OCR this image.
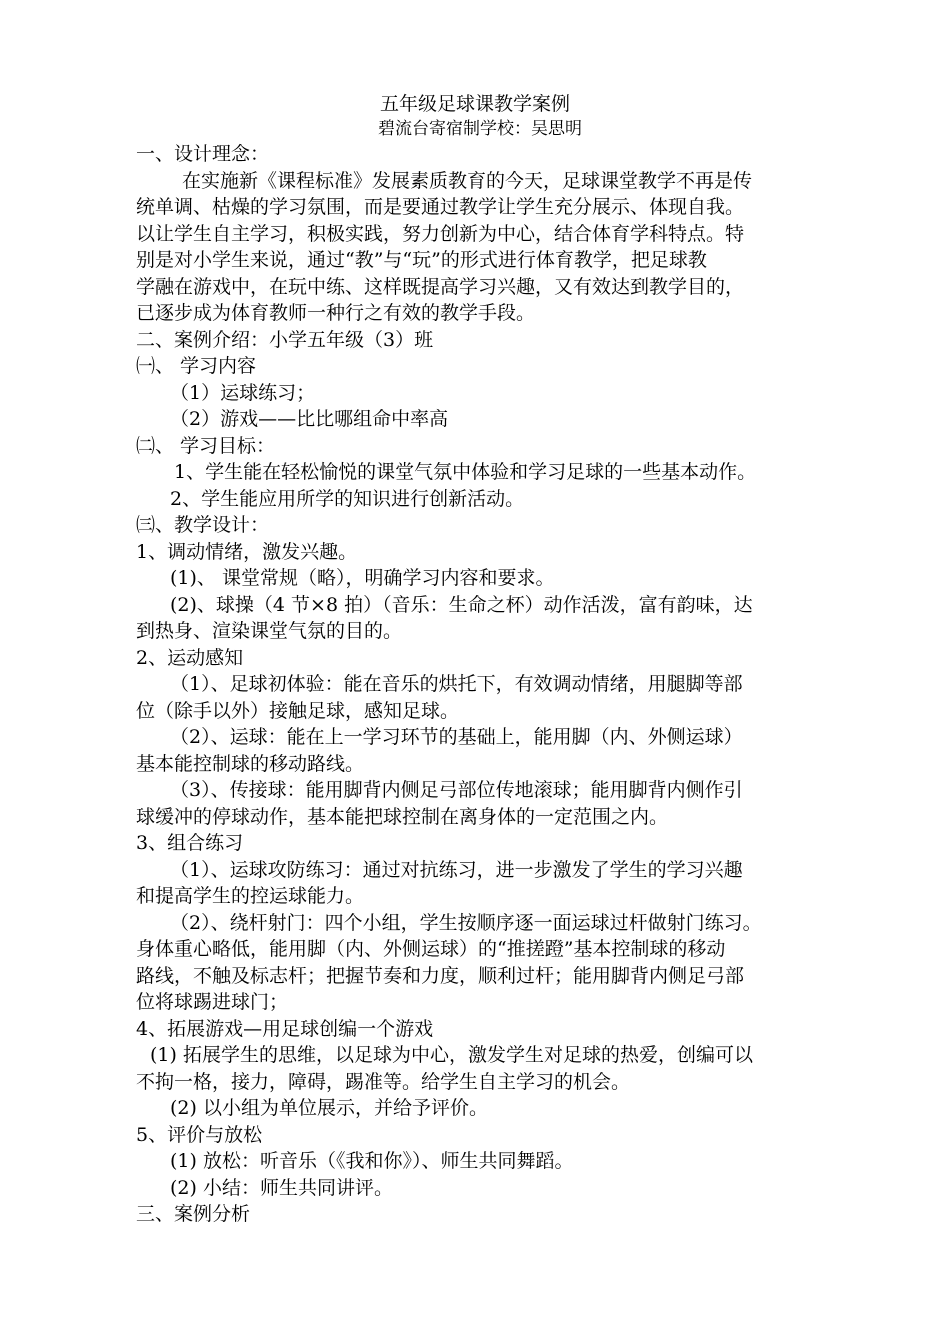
五年级足球课教学案例
碧流台寄宿制学校：吴思明

一、设计理念：

在实施新《课程标准》发展素质教育的今天，足球课堂教学不再是传

统单调、枯燥的学习氛围，而是要通过教学让学生充分展示、体现自我。

以让学生自主学习，积极实践，努力创新为中心，结合体育学科特点。特

别是对小学生来说，通过“教”与“玩”的形式进行体育教学，把足球教

学融在游戏中，在玩中练、这样既提高学习兴趣，又有效达到教学目的，

已逐步成为体育教师一种行之有效的教学手段。

二、案例介绍：小学五年级（3）班

㈠、 学习内容

（1）运球练习；

（2）游戏——比比哪组命中率高

㈡、 学习目标：

1、学生能在轻松愉悦的课堂气氛中体验和学习足球的一些基本动作。

2、学生能应用所学的知识进行创新活动。

㈢、教学设计：

1、调动情绪，激发兴趣。

(1)、 课堂常规（略），明确学习内容和要求。

(2)、球操（4 节×8 拍）（音乐：生命之杯）动作活泼，富有韵味，达

到热身、渲染课堂气氛的目的。

2、运动感知

（1）、足球初体验：能在音乐的烘托下，有效调动情绪，用腿脚等部

位（除手以外）接触足球，感知足球。

（2）、运球：能在上一学习环节的基础上，能用脚（内、外侧运球）

基本能控制球的移动路线。

（3）、传接球：能用脚背内侧足弓部位传地滚球；能用脚背内侧作引

球缓冲的停球动作，基本能把球控制在离身体的一定范围之内。

3、组合练习

（1）、运球攻防练习：通过对抗练习，进一步激发了学生的学习兴趣

和提高学生的控运球能力。

（2）、绕杆射门：四个小组，学生按顺序逐一面运球过杆做射门练习。

身体重心略低，能用脚（内、外侧运球）的“推搓蹬”基本控制球的移动

路线，不触及标志杆；把握节奏和力度，顺利过杆；能用脚背内侧足弓部

位将球踢进球门；

4、拓展游戏—用足球创编一个游戏

(1) 拓展学生的思维，以足球为中心，激发学生对足球的热爱，创编可以

不拘一格，接力，障碍，踢准等。给学生自主学习的机会。

(2) 以小组为单位展示，并给予评价。

5、评价与放松

(1) 放松：听音乐（《我和你》）、师生共同舞蹈。

(2) 小结：师生共同讲评。

三、案例分析
